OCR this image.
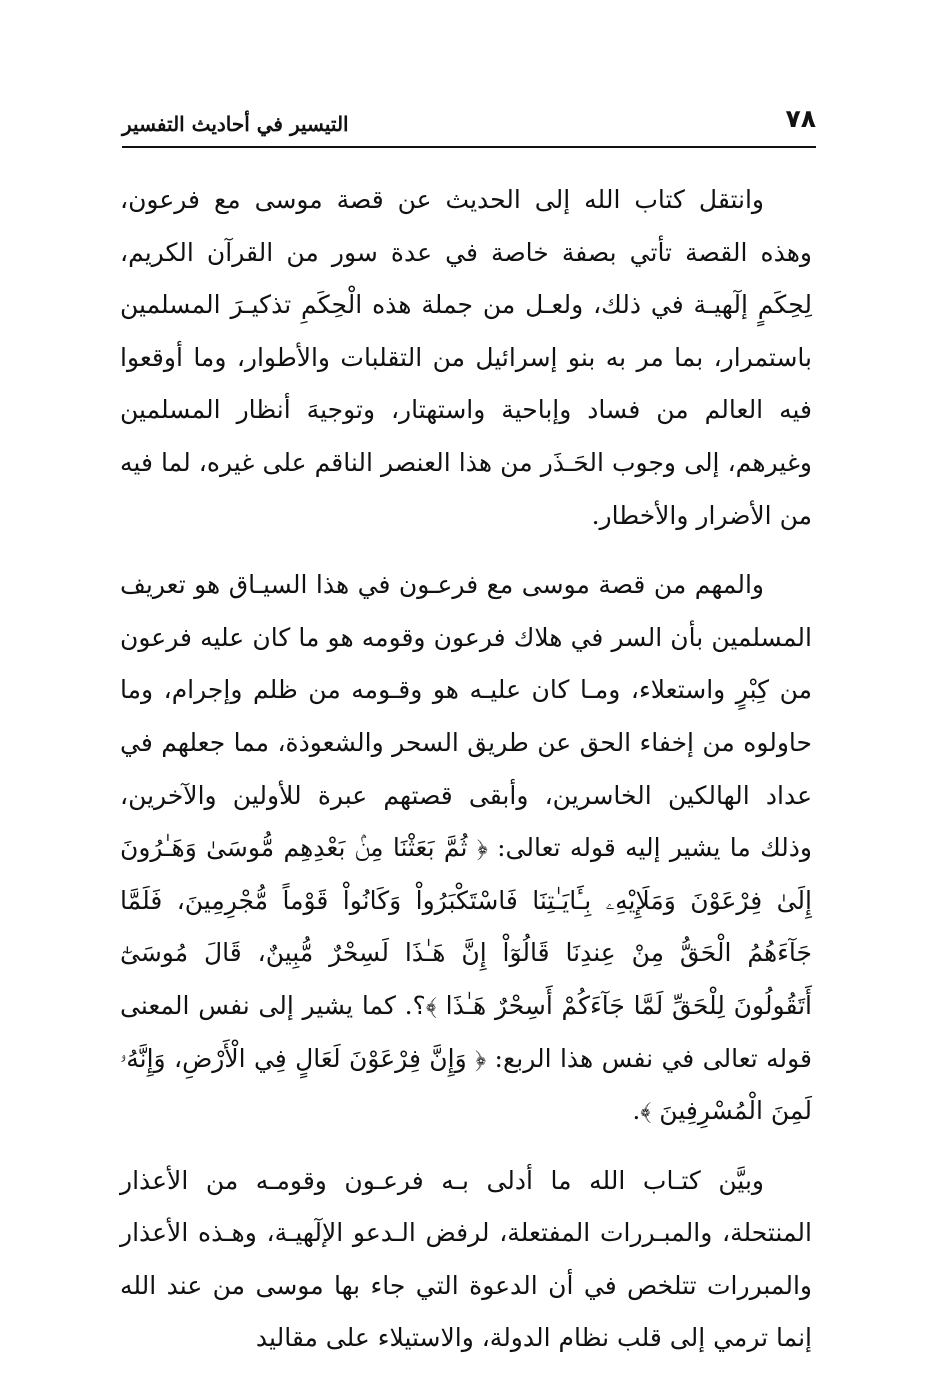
٧٨
التيسير في أحاديث التفسير

وانتقل كتاب الله إلى الحديث عن قصة موسى مع فرعون، وهذه القصة تأتي بصفة خاصة في عدة سور من القرآن الكريم، لِحِكَمٍ إلٓهيـة في ذلك، ولعـل من جملة هذه الْحِكَمِ تذكيـرَ المسلمين باستمرار، بما مر به بنو إسرائيل من التقلبات والأطوار، وما أوقعوا فيه العالم من فساد وإباحية واستهتار، وتوجيهَ أنظار المسلمين وغيرهم، إلى وجوب الحَـذَر من هذا العنصر الناقم على غيره، لما فيه من الأضرار والأخطار.

والمهم من قصة موسى مع فرعـون في هذا السيـاق هو تعريف المسلمين بأن السر في هلاك فرعون وقومه هو ما كان عليه فرعون من كِبْرٍ واستعلاء، ومـا كان عليـه هو وقـومه من ظلم وإجرام، وما حاولوه من إخفاء الحق عن طريق السحر والشعوذة، مما جعلهم في عداد الهالكين الخاسرين، وأبقى قصتهم عبرة للأولين والآخرين، وذلك ما يشير إليه قوله تعالى: ﴿ ثُمَّ بَعَثْنَا مِنۢ بَعْدِهِم مُّوسَىٰ وَهَـٰرُونَ إِلَىٰ فِرْعَوْنَ وَمَلَإِيْهِۦ بِـَٔايَـٰتِنَا فَاسْتَكْبَرُواْ وَكَانُواْ قَوْماً مُّجْرِمِينَ، فَلَمَّا جَآءَهُمُ الْحَقُّ مِنْ عِندِنَا قَالُوٓاْ إِنَّ هَـٰذَا لَسِحْرٌ مُّبِينٌ، قَالَ مُوسَىٰٓ أَتَقُولُونَ لِلْحَقِّ لَمَّا جَآءَكُمْ أَسِحْرٌ هَـٰذَا ﴾؟. كما يشير إلى نفس المعنى قوله تعالى في نفس هذا الربع: ﴿ وَإِنَّ فِرْعَوْنَ لَعَالٍ فِي الْأَرْضِ، وَإِنَّهُۥ لَمِنَ الْمُسْرِفِينَ ﴾.

وبيَّن كتـاب الله ما أدلى بـه فرعـون وقومـه من الأعذار المنتحلة، والمبـررات المفتعلة، لرفض الـدعو الإلٓهيـة، وهـذه الأعذار والمبررات تتلخص في أن الدعوة التي جاء بها موسى من عند الله إنما ترمي إلى قلب نظام الدولة، والاستيلاء على مقاليد
